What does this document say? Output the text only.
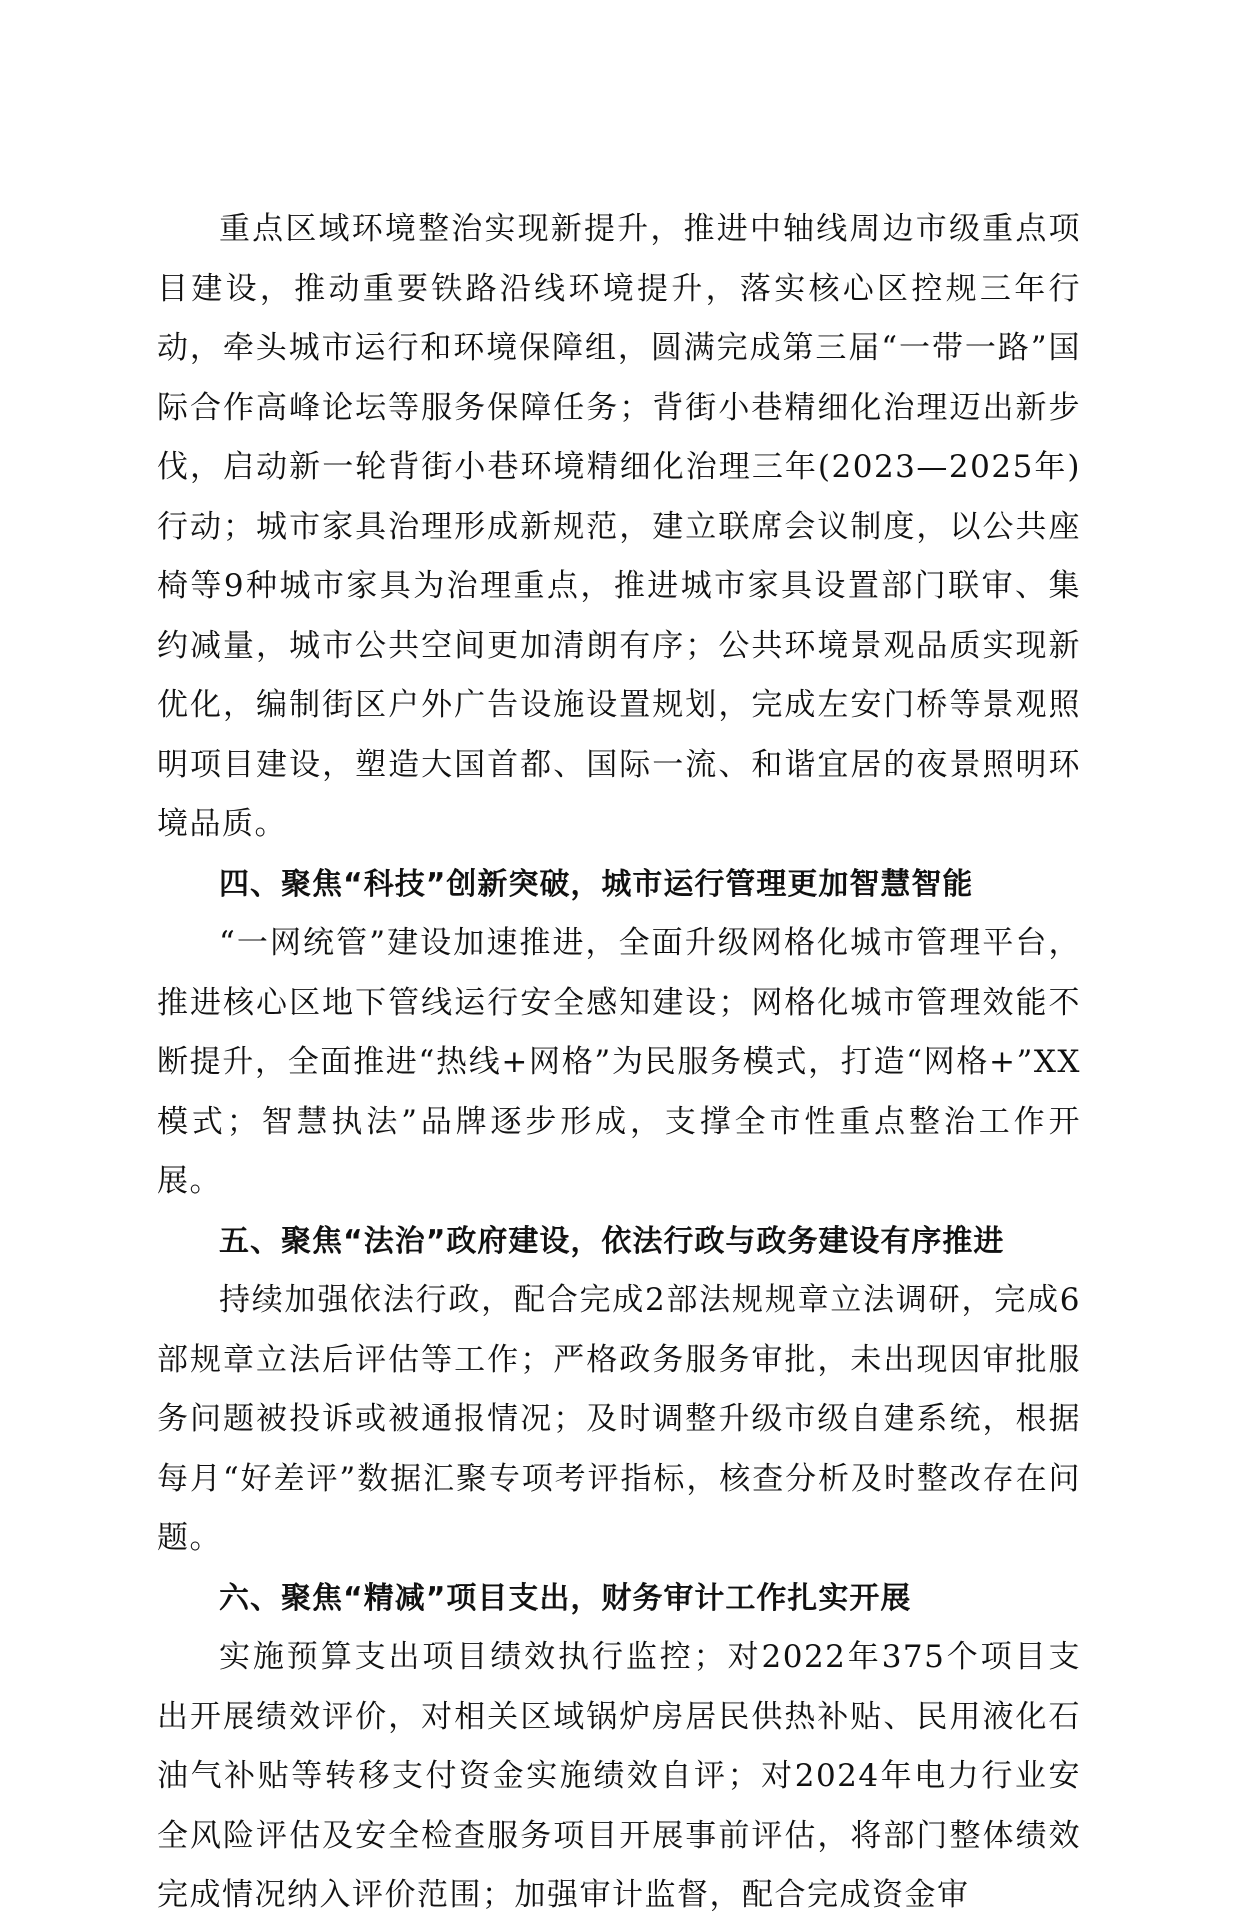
重点区域环境整治实现新提升，推进中轴线周边市级重点项目建设，推动重要铁路沿线环境提升，落实核心区控规三年行动，牵头城市运行和环境保障组，圆满完成第三届“一带一路”国际合作高峰论坛等服务保障任务；背街小巷精细化治理迈出新步伐，启动新一轮背街小巷环境精细化治理三年(2023—2025年)行动；城市家具治理形成新规范，建立联席会议制度，以公共座椅等9种城市家具为治理重点，推进城市家具设置部门联审、集约减量，城市公共空间更加清朗有序；公共环境景观品质实现新优化，编制街区户外广告设施设置规划，完成左安门桥等景观照明项目建设，塑造大国首都、国际一流、和谐宜居的夜景照明环境品质。

四、聚焦“科技”创新突破，城市运行管理更加智慧智能

“一网统管”建设加速推进，全面升级网格化城市管理平台，推进核心区地下管线运行安全感知建设；网格化城市管理效能不断提升，全面推进“热线+网格”为民服务模式，打造“网格+”XX模式；智慧执法”品牌逐步形成，支撑全市性重点整治工作开展。

五、聚焦“法治”政府建设，依法行政与政务建设有序推进

持续加强依法行政，配合完成2部法规规章立法调研，完成6部规章立法后评估等工作；严格政务服务审批，未出现因审批服务问题被投诉或被通报情况；及时调整升级市级自建系统，根据每月“好差评”数据汇聚专项考评指标，核查分析及时整改存在问题。

六、聚焦“精减”项目支出，财务审计工作扎实开展

实施预算支出项目绩效执行监控；对2022年375个项目支出开展绩效评价，对相关区域锅炉房居民供热补贴、民用液化石油气补贴等转移支付资金实施绩效自评；对2024年电力行业安全风险评估及安全检查服务项目开展事前评估，将部门整体绩效完成情况纳入评价范围；加强审计监督，配合完成资金审
